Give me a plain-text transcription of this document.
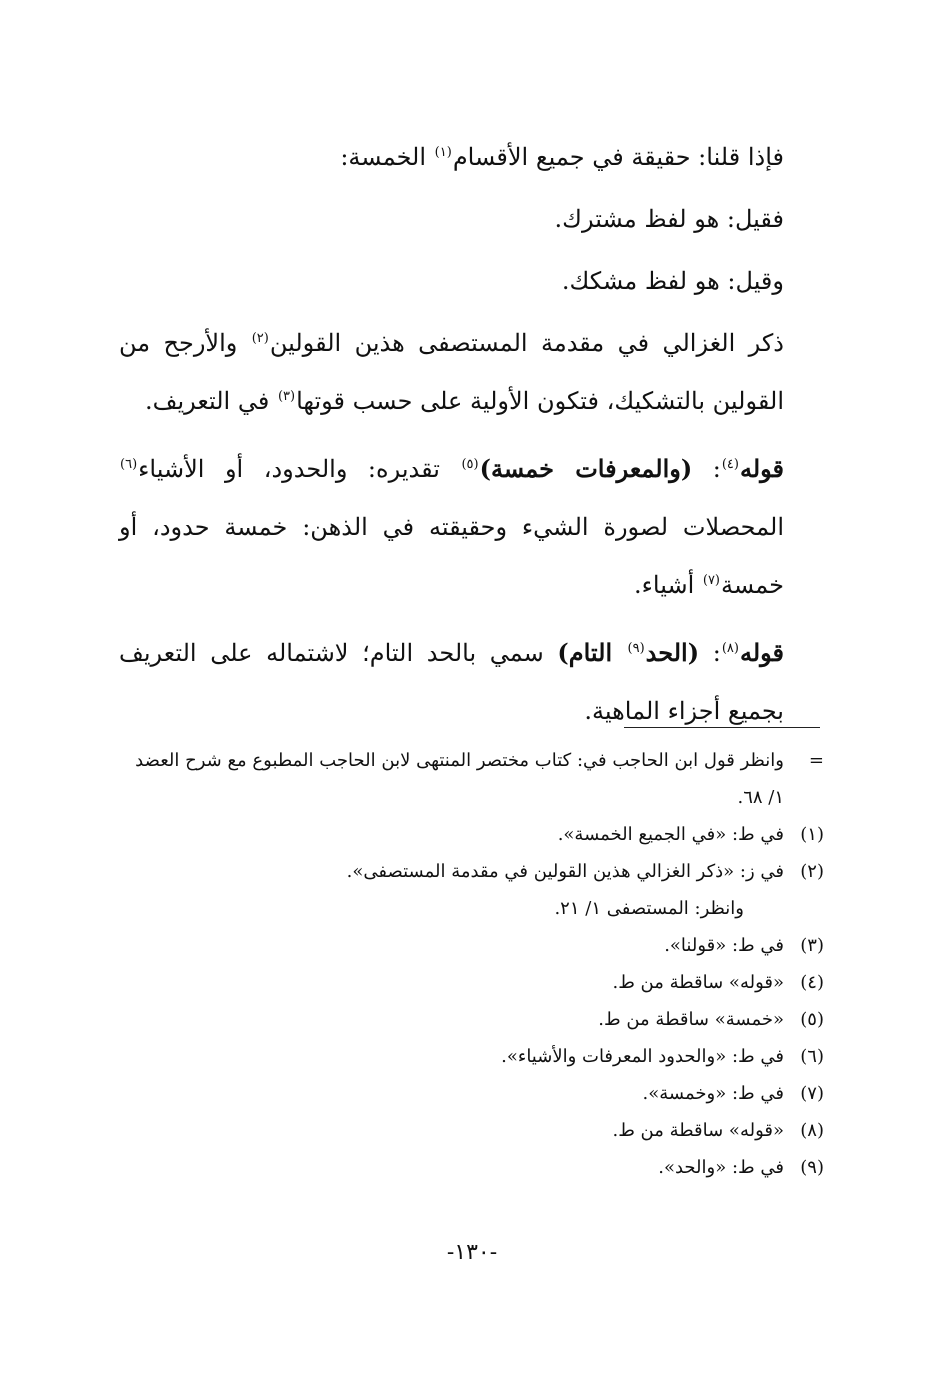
فإذا قلنا: حقيقة في جميع الأقسام$^{(١)}$ الخمسة:

فقيل: هو لفظ مشترك.

وقيل: هو لفظ مشكك.

ذكر الغزالي في مقدمة المستصفى هذين القولين$^{(٢)}$ والأرجح من القولين بالتشكيك، فتكون الأولية على حسب قوتها$^{(٣)}$ في التعريف.

قوله$^{(٤)}$: (والمعرفات خمسة)$^{(٥)}$ تقديره: والحدود، أو الأشياء$^{(٦)}$ المحصلات لصورة الشيء وحقيقته في الذهن: خمسة حدود، أو خمسة$^{(٧)}$ أشياء.

قوله$^{(٨)}$: (الحد$^{(٩)}$ التام) سمي بالحد التام؛ لاشتماله على التعريف بجميع أجزاء الماهية.

=
وانظر قول ابن الحاجب في: كتاب مختصر المنتهى لابن الحاجب المطبوع مع شرح العضد ١/ ٦٨.
(١)
في ط: «في الجميع الخمسة».
(٢)
في ز: «ذكر الغزالي هذين القولين في مقدمة المستصفى».
وانظر: المستصفى ١/ ٢١.
(٣)
في ط: «قولنا».
(٤)
«قوله» ساقطة من ط.
(٥)
«خمسة» ساقطة من ط.
(٦)
في ط: «والحدود المعرفات والأشياء».
(٧)
في ط: «وخمسة».
(٨)
«قوله» ساقطة من ط.
(٩)
في ط: «والحد».
-١٣٠-
